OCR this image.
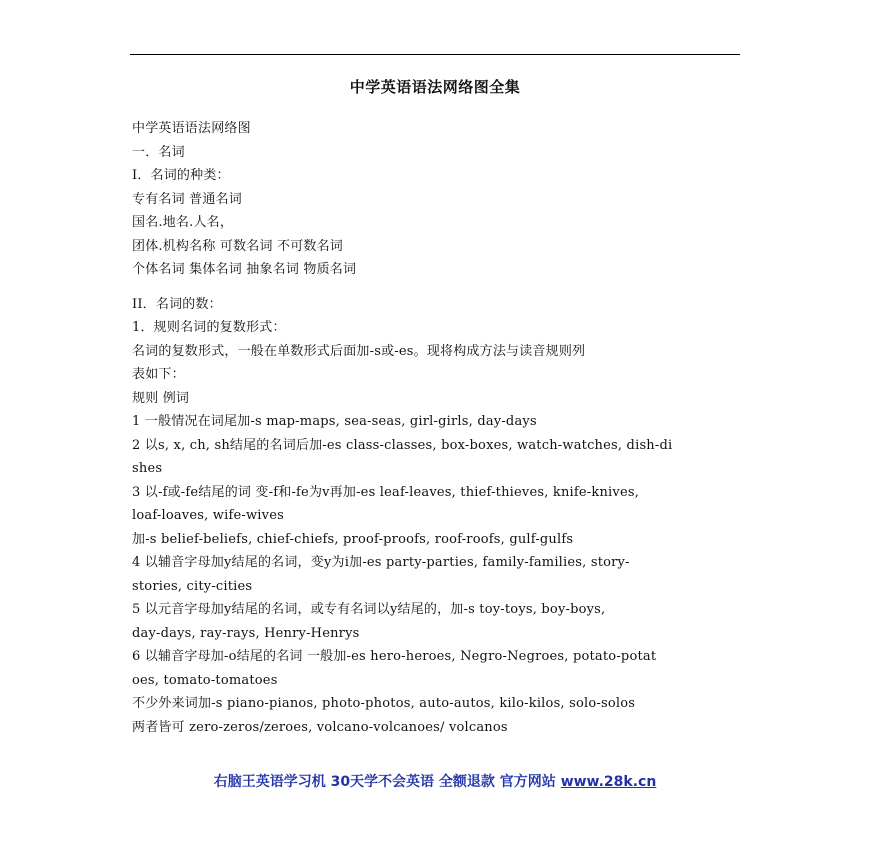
中学英语语法网络图全集
中学英语语法网络图
一．名词
I．名词的种类：
专有名词 普通名词
国名.地名.人名，
团体.机构名称 可数名词 不可数名词
个体名词 集体名词 抽象名词 物质名词
II．名词的数：
1．规则名词的复数形式：
名词的复数形式，一般在单数形式后面加-s或-es。现将构成方法与读音规则列
表如下：
规则 例词
1 一般情况在词尾加-s map-maps, sea-seas, girl-girls, day-days
2 以s, x, ch, sh结尾的名词后加-es class-classes, box-boxes, watch-watches, dish-di
shes
3 以-f或-fe结尾的词 变-f和-fe为v再加-es leaf-leaves, thief-thieves, knife-knives,
loaf-loaves, wife-wives
加-s belief-beliefs, chief-chiefs, proof-proofs, roof-roofs, gulf-gulfs
4 以辅音字母加y结尾的名词，变y为i加-es party-parties, family-families, story-
stories, city-cities
5 以元音字母加y结尾的名词，或专有名词以y结尾的，加-s toy-toys, boy-boys,
day-days, ray-rays, Henry-Henrys
6 以辅音字母加-o结尾的名词 一般加-es hero-heroes, Negro-Negroes, potato-potat
oes, tomato-tomatoes
不少外来词加-s piano-pianos, photo-photos, auto-autos, kilo-kilos, solo-solos
两者皆可 zero-zeros/zeroes, volcano-volcanoes/ volcanos
右脑王英语学习机 30天学不会英语 全额退款 官方网站 www.28k.cn
